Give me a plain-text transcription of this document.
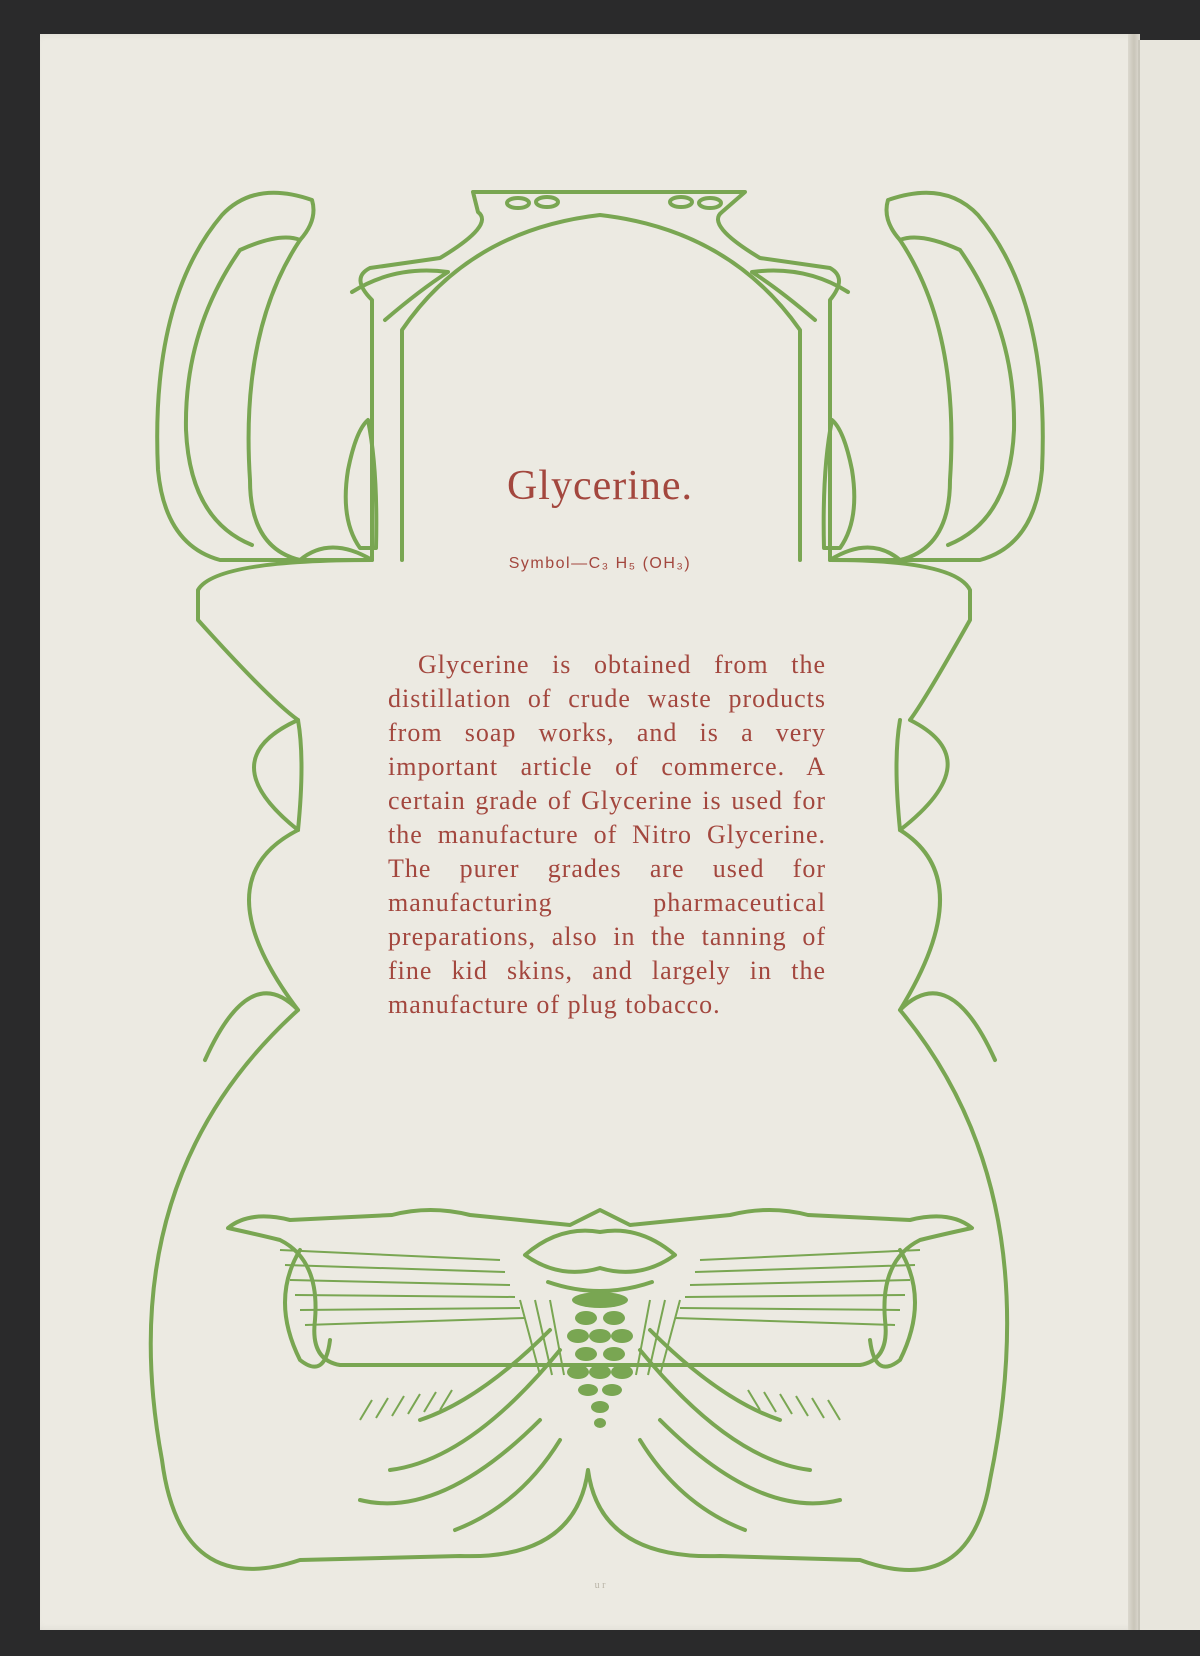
Glycerine.
Symbol—C₃ H₅ (OH₃)

Glycerine is obtained from the distillation of crude waste products from soap works, and is a very important article of commerce. A certain grade of Glycerine is used for the manufacture of Nitro Glycerine. The purer grades are used for manufacturing pharmaceutical preparations, also in the tanning of fine kid skins, and largely in the manufacture of plug tobacco.

u r
